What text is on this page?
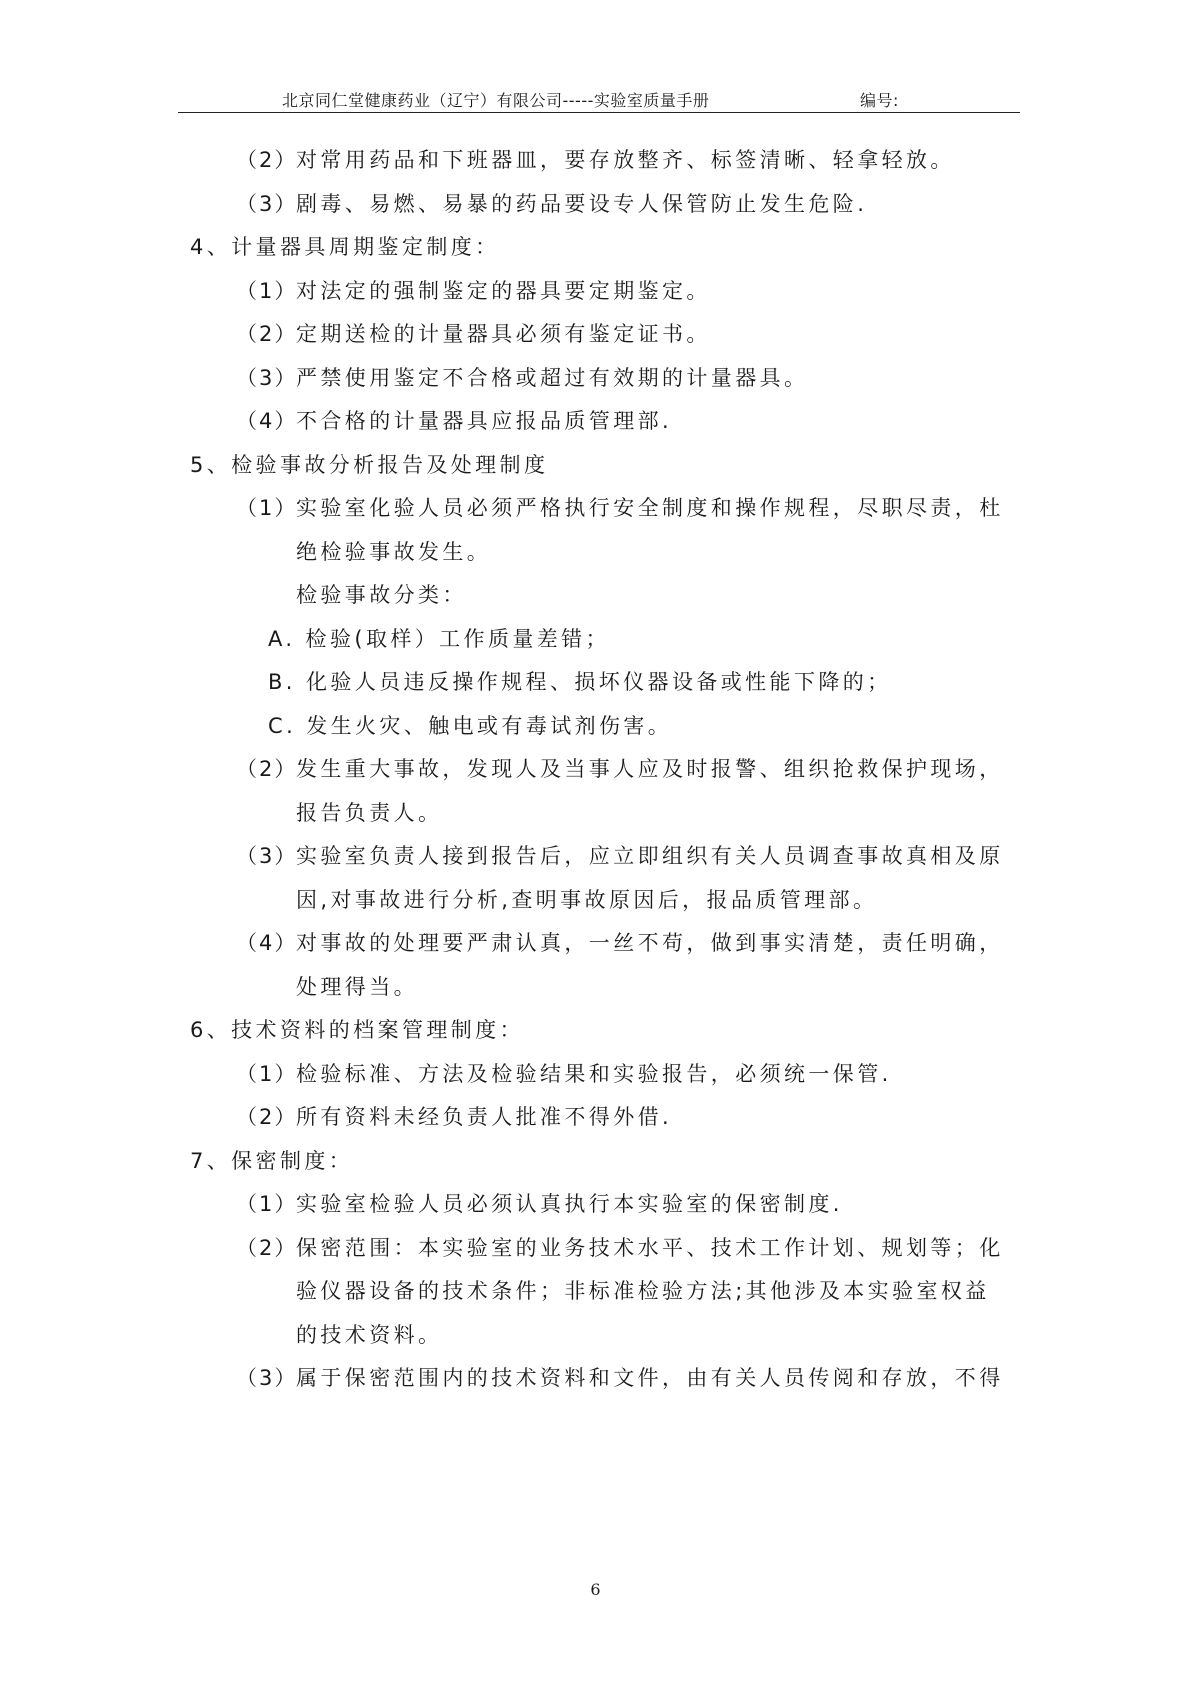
北京同仁堂健康药业（辽宁）有限公司-----实验室质量手册	编号:
（2）对常用药品和下班器皿，要存放整齐、标签清晰、轻拿轻放。
（3）剧毒、易燃、易暴的药品要设专人保管防止发生危险.
4、计量器具周期鉴定制度：
（1）对法定的强制鉴定的器具要定期鉴定。
（2）定期送检的计量器具必须有鉴定证书。
（3）严禁使用鉴定不合格或超过有效期的计量器具。
（4）不合格的计量器具应报品质管理部.
5、检验事故分析报告及处理制度
（1）实验室化验人员必须严格执行安全制度和操作规程，尽职尽责，杜
绝检验事故发生。
检验事故分类：
A. 检验(取样）工作质量差错；
B. 化验人员违反操作规程、损坏仪器设备或性能下降的；
C. 发生火灾、触电或有毒试剂伤害。
（2）发生重大事故，发现人及当事人应及时报警、组织抢救保护现场，
报告负责人。
（3）实验室负责人接到报告后，应立即组织有关人员调查事故真相及原
因,对事故进行分析,查明事故原因后，报品质管理部。
（4）对事故的处理要严肃认真，一丝不苟，做到事实清楚，责任明确，
处理得当。
6、技术资料的档案管理制度：
（1）检验标准、方法及检验结果和实验报告，必须统一保管.
（2）所有资料未经负责人批准不得外借.
7、保密制度：
（1）实验室检验人员必须认真执行本实验室的保密制度.
（2）保密范围：本实验室的业务技术水平、技术工作计划、规划等；化
验仪器设备的技术条件；非标准检验方法;其他涉及本实验室权益
的技术资料。
（3）属于保密范围内的技术资料和文件，由有关人员传阅和存放，不得
6
